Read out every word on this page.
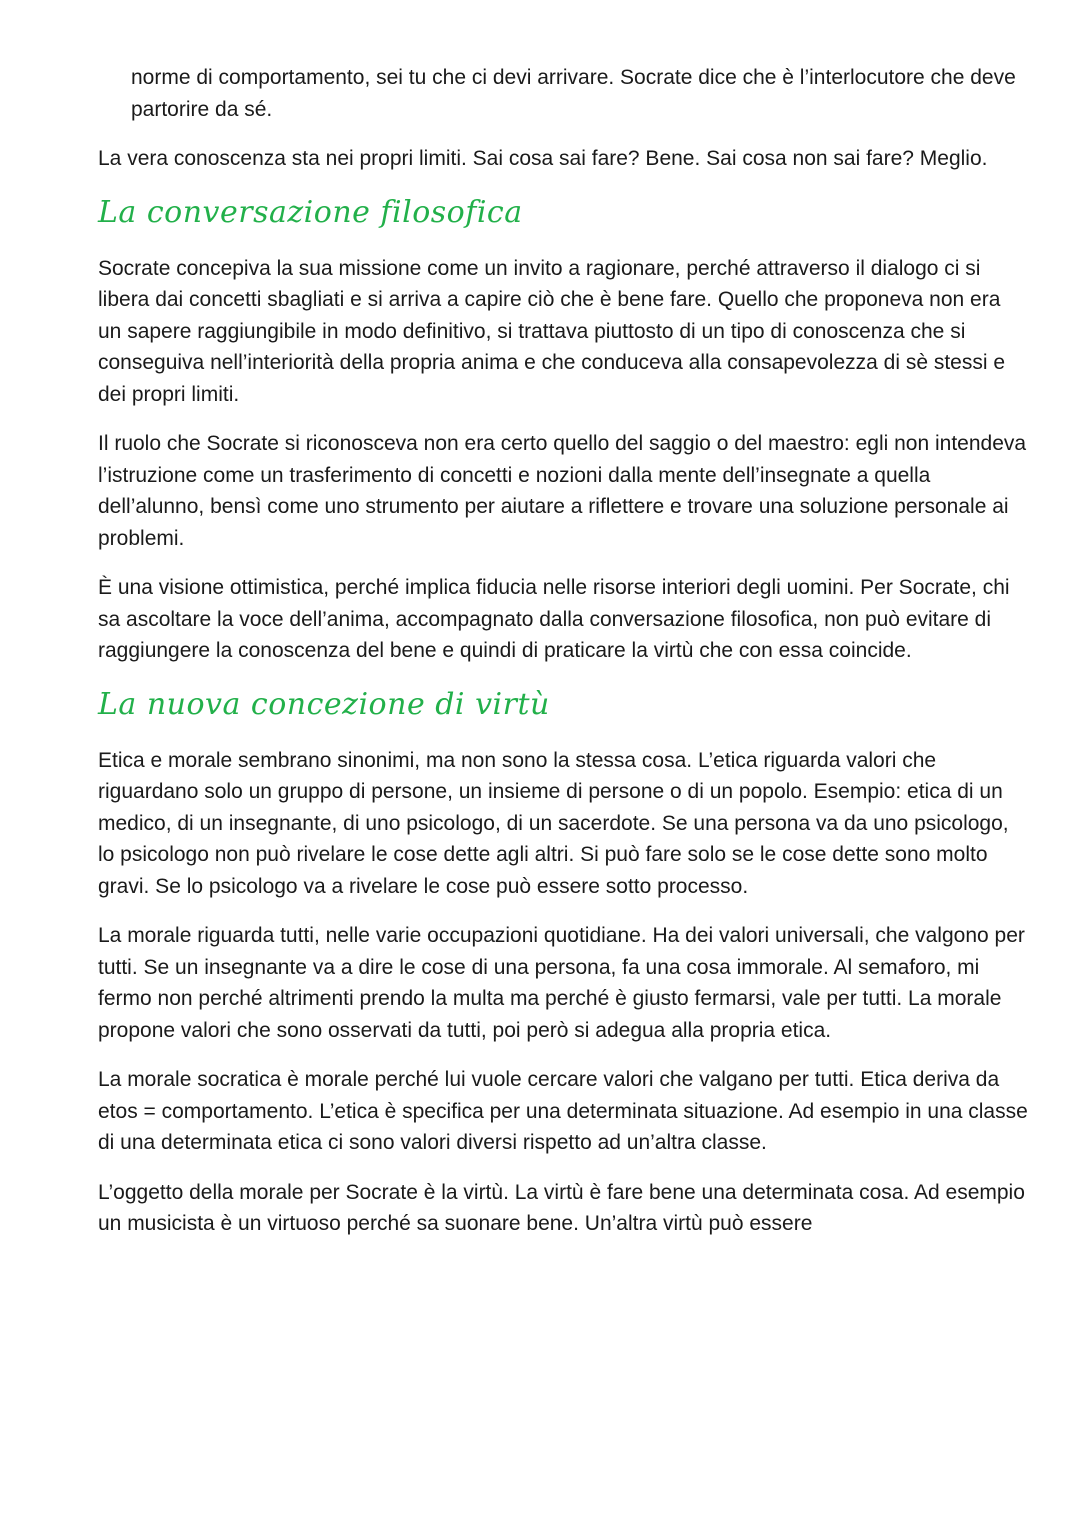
norme di comportamento, sei tu che ci devi arrivare. Socrate dice che è l’interlocutore che deve partorire da sé.

La vera conoscenza sta nei propri limiti. Sai cosa sai fare? Bene. Sai cosa non sai fare? Meglio.

La conversazione filosofica

Socrate concepiva la sua missione come un invito a ragionare, perché attraverso il dialogo ci si libera dai concetti sbagliati e si arriva a capire ciò che è bene fare. Quello che proponeva non era un sapere raggiungibile in modo definitivo, si trattava piuttosto di un tipo di conoscenza che si conseguiva nell’interiorità della propria anima e che conduceva alla consapevolezza di sè stessi e dei propri limiti.

Il ruolo che Socrate si riconosceva non era certo quello del saggio o del maestro: egli non intendeva l’istruzione come un trasferimento di concetti e nozioni dalla mente dell’insegnate a quella dell’alunno, bensì come uno strumento per aiutare a riflettere e trovare una soluzione personale ai problemi.

È una visione ottimistica, perché implica fiducia nelle risorse interiori degli uomini. Per Socrate, chi sa ascoltare la voce dell’anima, accompagnato dalla conversazione filosofica, non può evitare di raggiungere la conoscenza del bene e quindi di praticare la virtù che con essa coincide.

La nuova concezione di virtù

Etica e morale sembrano sinonimi, ma non sono la stessa cosa. L’etica riguarda valori che riguardano solo un gruppo di persone, un insieme di persone o di un popolo. Esempio: etica di un medico, di un insegnante, di uno psicologo, di un sacerdote. Se una persona va da uno psicologo, lo psicologo non può rivelare le cose dette agli altri. Si può fare solo se le cose dette sono molto gravi. Se lo psicologo va a rivelare le cose può essere sotto processo.

La morale riguarda tutti, nelle varie occupazioni quotidiane. Ha dei valori universali, che valgono per tutti. Se un insegnante va a dire le cose di una persona, fa una cosa immorale. Al semaforo, mi fermo non perché altrimenti prendo la multa ma perché è giusto fermarsi, vale per tutti. La morale propone valori che sono osservati da tutti, poi però si adegua alla propria etica.

La morale socratica è morale perché lui vuole cercare valori che valgano per tutti. Etica deriva da etos = comportamento. L’etica è specifica per una determinata situazione. Ad esempio in una classe di una determinata etica ci sono valori diversi rispetto ad un’altra classe.

L’oggetto della morale per Socrate è la virtù. La virtù è fare bene una determinata cosa. Ad esempio un musicista è un virtuoso perché sa suonare bene. Un’altra virtù può essere
